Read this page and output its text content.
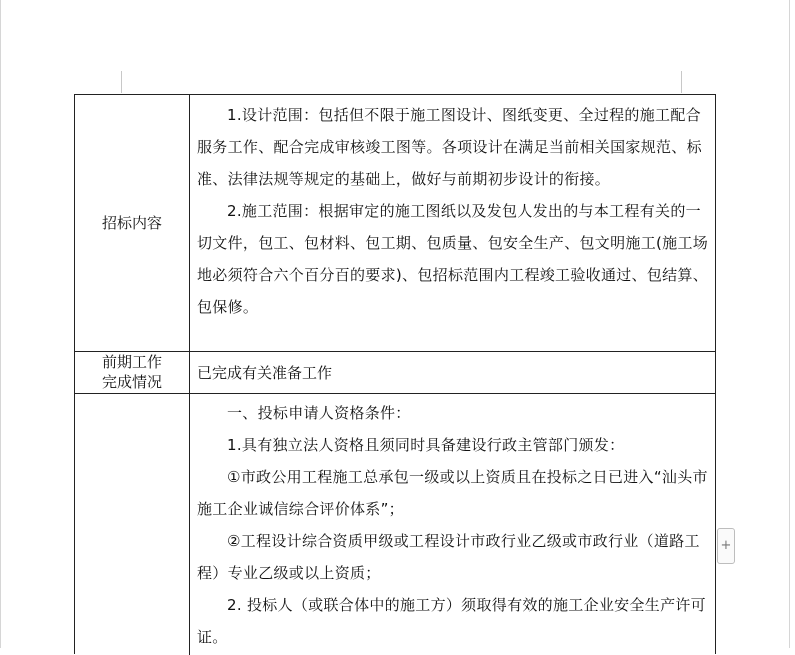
招标内容

1.设计范围：包括但不限于施工图设计、图纸变更、全过程的施工配合服务工作、配合完成审核竣工图等。各项设计在满足当前相关国家规范、标准、法律法规等规定的基础上，做好与前期初步设计的衔接。

2.施工范围：根据审定的施工图纸以及发包人发出的与本工程有关的一切文件，包工、包材料、包工期、包质量、包安全生产、包文明施工(施工场地必须符合六个百分百的要求)、包招标范围内工程竣工验收通过、包结算、包保修。

前期工作
完成情况	已完成有关准备工作

一、投标申请人资格条件：

1.具有独立法人资格且须同时具备建设行政主管部门颁发：

①市政公用工程施工总承包一级或以上资质且在投标之日已进入“汕头市施工企业诚信综合评价体系”；

②工程设计综合资质甲级或工程设计市政行业乙级或市政行业（道路工程）专业乙级或以上资质；

2. 投标人（或联合体中的施工方）须取得有效的施工企业安全生产许可证。

+
